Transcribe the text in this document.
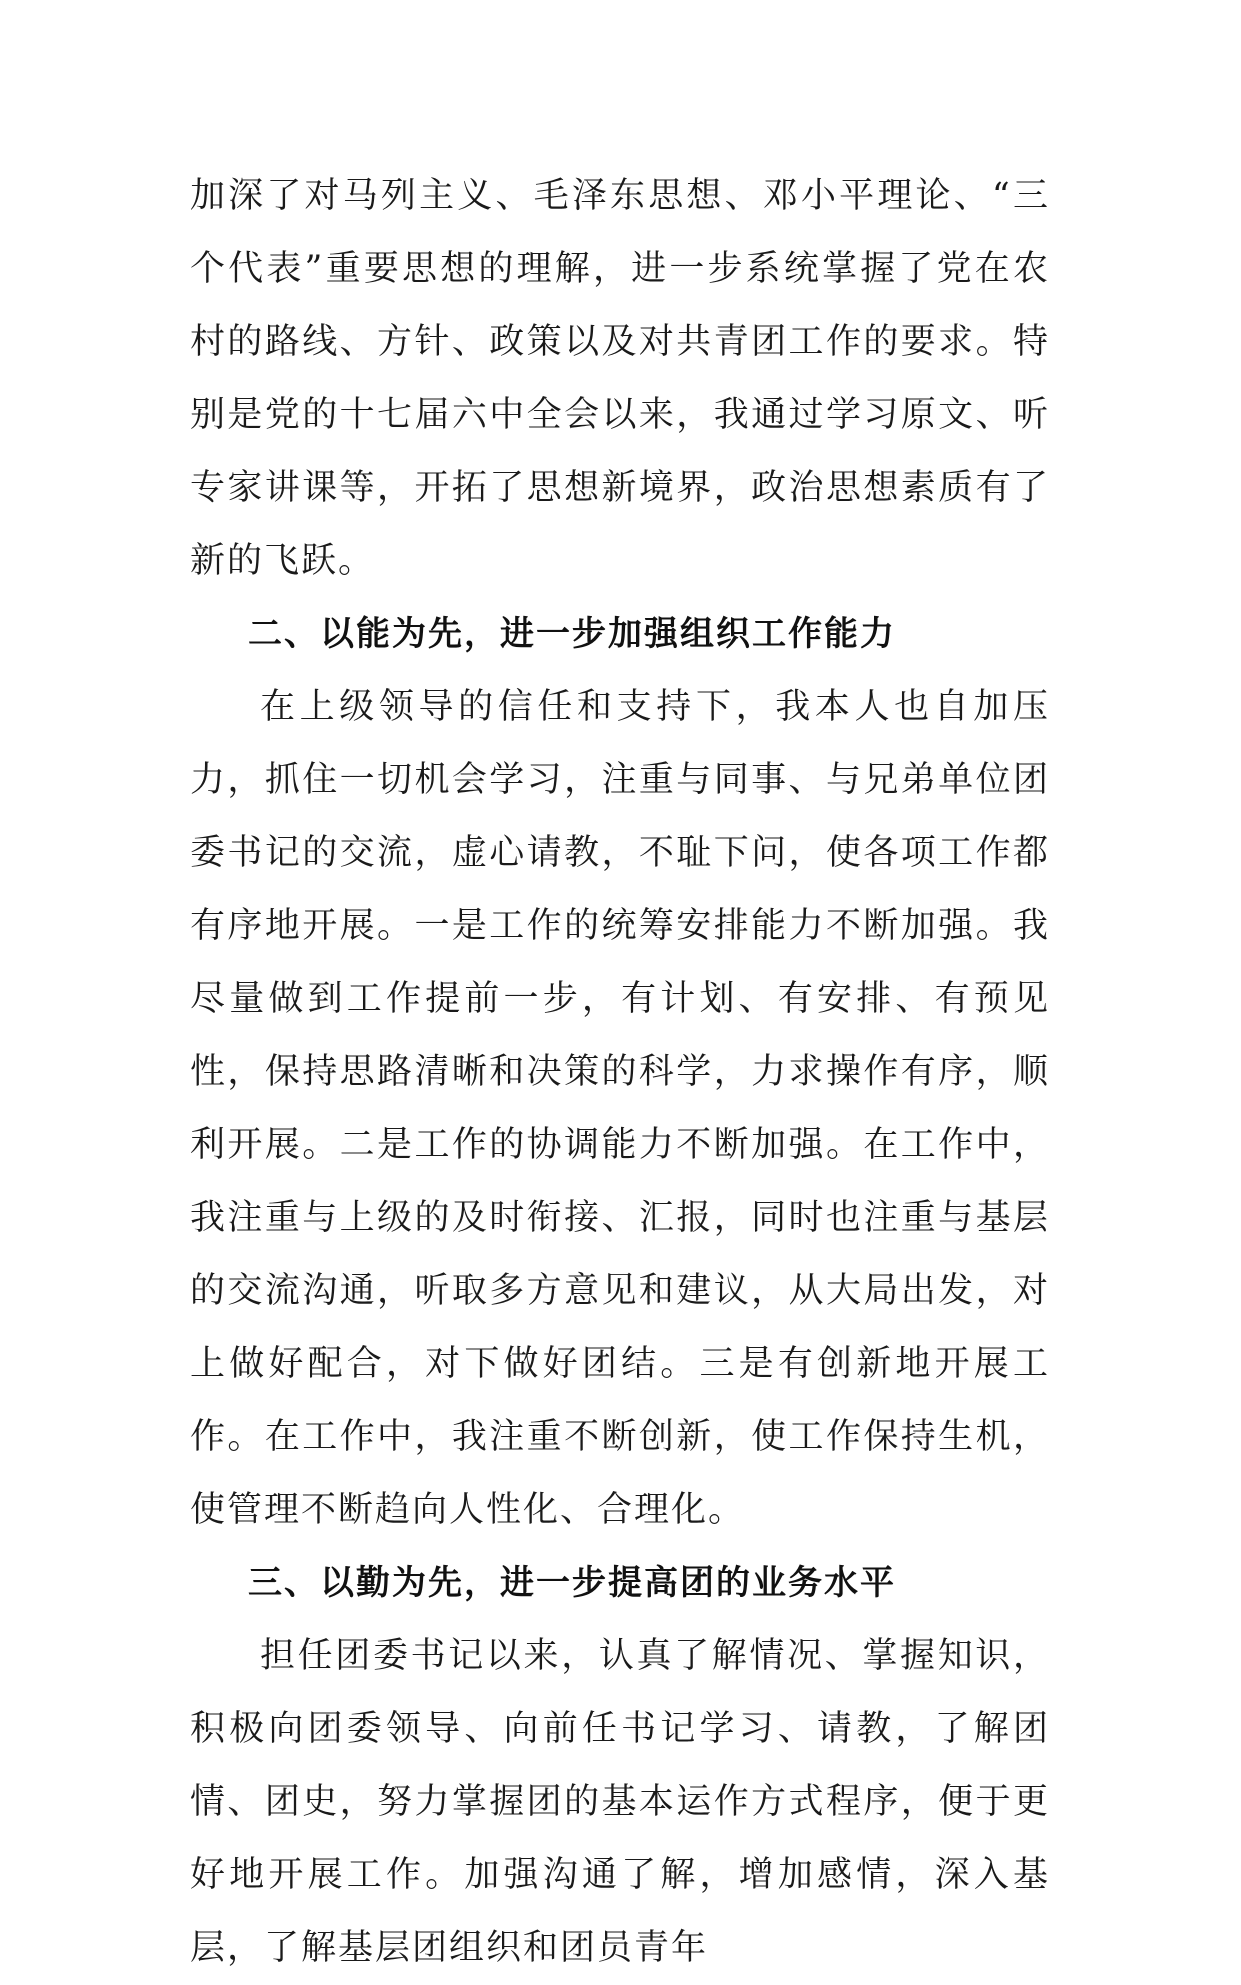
加深了对马列主义、毛泽东思想、邓小平理论、“三个代表”重要思想的理解，进一步系统掌握了党在农村的路线、方针、政策以及对共青团工作的要求。特别是党的十七届六中全会以来，我通过学习原文、听专家讲课等，开拓了思想新境界，政治思想素质有了新的飞跃。

二、以能为先，进一步加强组织工作能力

在上级领导的信任和支持下，我本人也自加压力，抓住一切机会学习，注重与同事、与兄弟单位团委书记的交流，虚心请教，不耻下问，使各项工作都有序地开展。一是工作的统筹安排能力不断加强。我尽量做到工作提前一步，有计划、有安排、有预见性，保持思路清晰和决策的科学，力求操作有序，顺利开展。二是工作的协调能力不断加强。在工作中，我注重与上级的及时衔接、汇报，同时也注重与基层的交流沟通，听取多方意见和建议，从大局出发，对上做好配合，对下做好团结。三是有创新地开展工作。在工作中，我注重不断创新，使工作保持生机，使管理不断趋向人性化、合理化。

三、以勤为先，进一步提高团的业务水平

担任团委书记以来，认真了解情况、掌握知识，积极向团委领导、向前任书记学习、请教，了解团情、团史，努力掌握团的基本运作方式程序，便于更好地开展工作。加强沟通了解，增加感情，深入基层，了解基层团组织和团员青年
